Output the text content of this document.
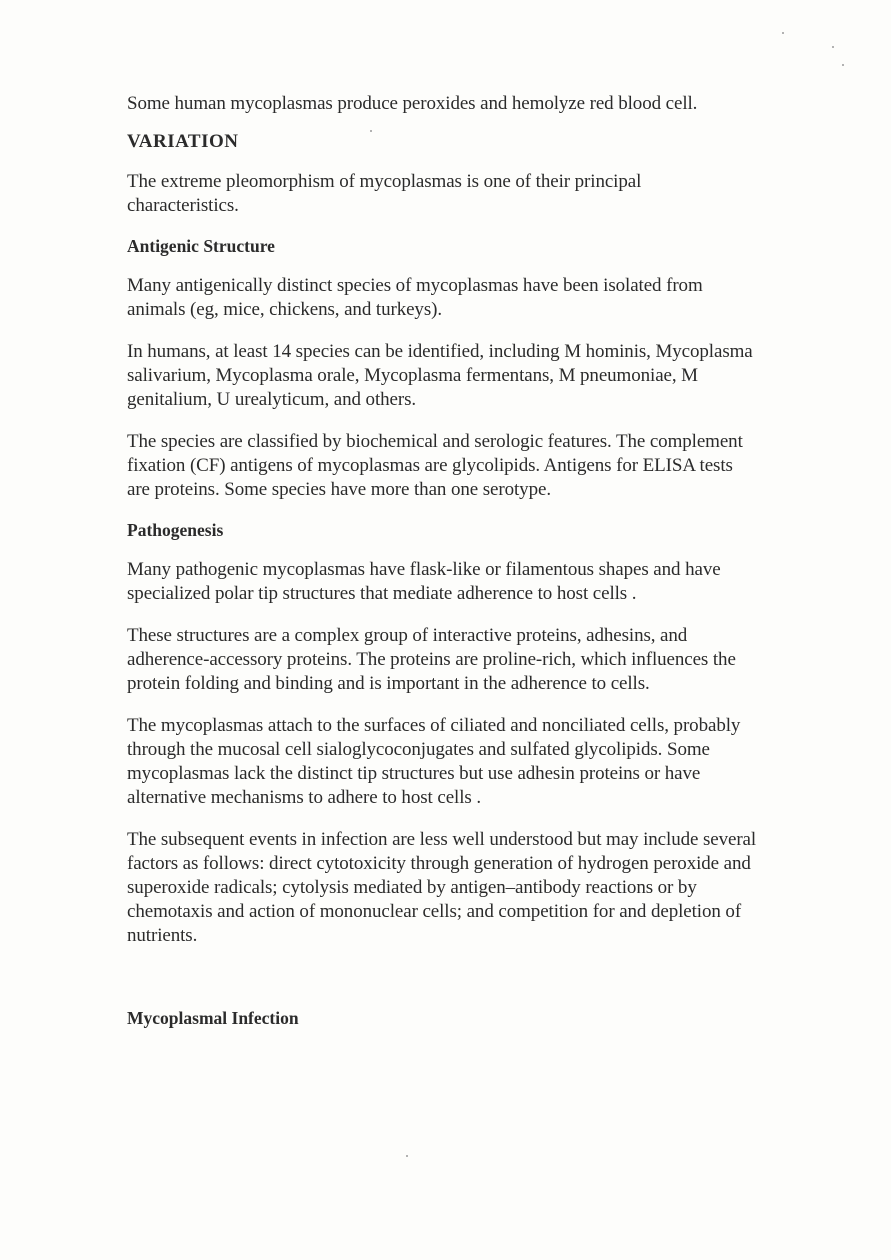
Some human mycoplasmas produce peroxides and hemolyze red blood cell.

VARIATION

The extreme pleomorphism of mycoplasmas is one of their principal characteristics.

Antigenic Structure

Many antigenically distinct species of mycoplasmas have been isolated from animals (eg, mice, chickens, and turkeys).

In humans, at least 14 species can be identified, including M hominis, Mycoplasma salivarium, Mycoplasma orale, Mycoplasma fermentans, M pneumoniae, M genitalium, U urealyticum, and others.

The species are classified by biochemical and serologic features. The complement fixation (CF) antigens of mycoplasmas are glycolipids. Antigens for ELISA tests are proteins. Some species have more than one serotype.

Pathogenesis

Many pathogenic mycoplasmas have flask-like or filamentous shapes and have specialized polar tip structures that mediate adherence to host cells .

These structures are a complex group of interactive proteins, adhesins, and adherence-accessory proteins. The proteins are proline-rich, which influences the protein folding and binding and is important in the adherence to cells.

The mycoplasmas attach to the surfaces of ciliated and nonciliated cells, probably through the mucosal cell sialoglycoconjugates and sulfated glycolipids. Some mycoplasmas lack the distinct tip structures but use adhesin proteins or have alternative mechanisms to adhere to host cells .

The subsequent events in infection are less well understood but may include several factors as follows: direct cytotoxicity through generation of hydrogen peroxide and superoxide radicals; cytolysis mediated by antigen–antibody reactions or by chemotaxis and action of mononuclear cells; and competition for and depletion of nutrients.

Mycoplasmal Infection
